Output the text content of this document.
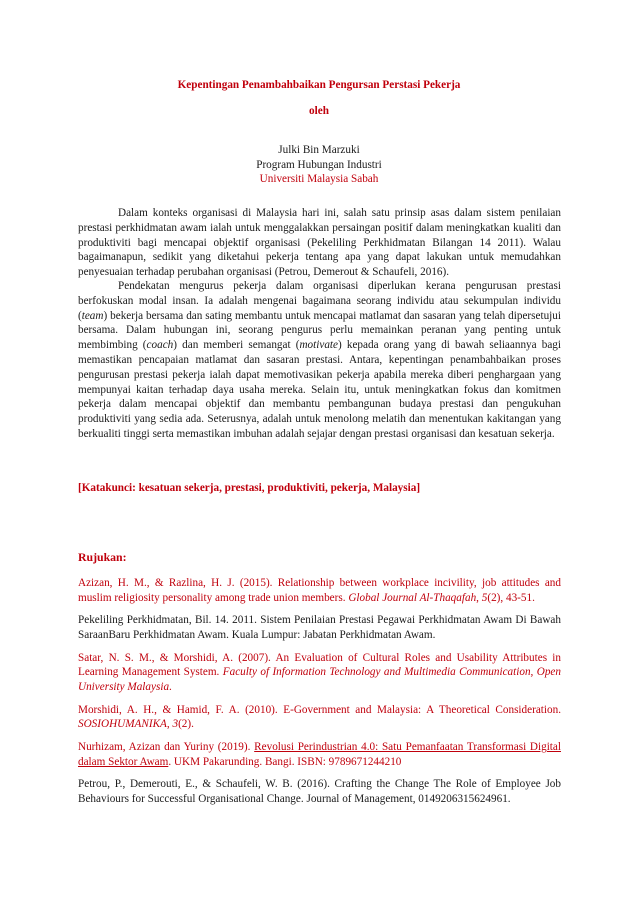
Kepentingan Penambahbaikan Pengursan Perstasi Pekerja
oleh
Julki Bin Marzuki
Program Hubungan Industri
Universiti Malaysia Sabah

Dalam konteks organisasi di Malaysia hari ini, salah satu prinsip asas dalam sistem penilaian prestasi perkhidmatan awam ialah untuk menggalakkan persaingan positif dalam meningkatkan kualiti dan produktiviti bagi mencapai objektif organisasi (Pekeliling Perkhidmatan Bilangan 14 2011). Walau bagaimanapun, sedikit yang diketahui pekerja tentang apa yang dapat lakukan untuk memudahkan penyesuaian terhadap perubahan organisasi (Petrou, Demerout & Schaufeli, 2016).

Pendekatan mengurus pekerja dalam organisasi diperlukan kerana pengurusan prestasi berfokuskan modal insan. Ia adalah mengenai bagaimana seorang individu atau sekumpulan individu (team) bekerja bersama dan sating membantu untuk mencapai matlamat dan sasaran yang telah dipersetujui bersama. Dalam hubungan ini, seorang pengurus perlu memainkan peranan yang penting untuk membimbing (coach) dan memberi semangat (motivate) kepada orang yang di bawah seliaannya bagi memastikan pencapaian matlamat dan sasaran prestasi. Antara, kepentingan penambahbaikan proses pengurusan prestasi pekerja ialah dapat memotivasikan pekerja apabila mereka diberi penghargaan yang mempunyai kaitan terhadap daya usaha mereka. Selain itu, untuk meningkatkan fokus dan komitmen pekerja dalam mencapai objektif dan membantu pembangunan budaya prestasi dan pengukuhan produktiviti yang sedia ada. Seterusnya, adalah untuk menolong melatih dan menentukan kakitangan yang berkualiti tinggi serta memastikan imbuhan adalah sejajar dengan prestasi organisasi dan kesatuan sekerja.

[Katakunci: kesatuan sekerja, prestasi, produktiviti, pekerja, Malaysia]
Rujukan:

Azizan, H. M., & Razlina, H. J. (2015). Relationship between workplace incivility, job attitudes and muslim religiosity personality among trade union members. Global Journal Al-Thaqafah, 5(2), 43-51.

Pekeliling Perkhidmatan, Bil. 14. 2011. Sistem Penilaian Prestasi Pegawai Perkhidmatan Awam Di Bawah SaraanBaru Perkhidmatan Awam. Kuala Lumpur: Jabatan Perkhidmatan Awam.

Satar, N. S. M., & Morshidi, A. (2007). An Evaluation of Cultural Roles and Usability Attributes in Learning Management System. Faculty of Information Technology and Multimedia Communication, Open University Malaysia.

Morshidi, A. H., & Hamid, F. A. (2010). E-Government and Malaysia: A Theoretical Consideration. SOSIOHUMANIKA, 3(2).

Nurhizam, Azizan dan Yuriny (2019). Revolusi Perindustrian 4.0: Satu Pemanfaatan Transformasi Digital dalam Sektor Awam. UKM Pakarunding. Bangi. ISBN: 9789671244210

Petrou, P., Demerouti, E., & Schaufeli, W. B. (2016). Crafting the Change The Role of Employee Job Behaviours for Successful Organisational Change. Journal of Management, 0149206315624961.
